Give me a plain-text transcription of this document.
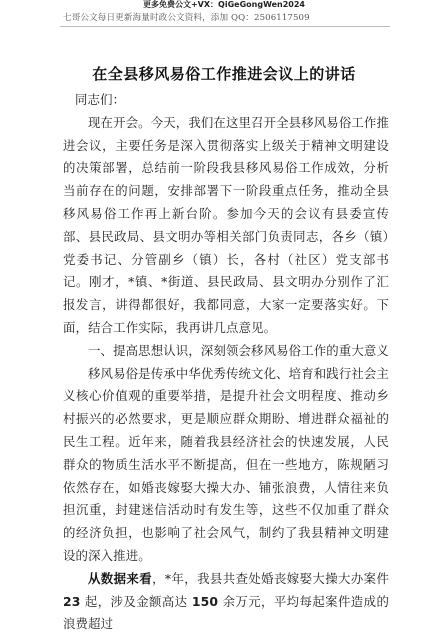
更多免费公文+VX：QiGeGongWen2024
七哥公文每日更新海量时政公文资料，添加 QQ：2506117509
在全县移风易俗工作推进会议上的讲话

同志们：

现在开会。今天，我们在这里召开全县移风易俗工作推进会议，主要任务是深入贯彻落实上级关于精神文明建设的决策部署，总结前一阶段我县移风易俗工作成效，分析当前存在的问题，安排部署下一阶段重点任务，推动全县移风易俗工作再上新台阶。参加今天的会议有县委宣传部、县民政局、县文明办等相关部门负责同志，各乡（镇）党委书记、分管副乡（镇）长，各村（社区）党支部书记。刚才，*镇、*街道、县民政局、县文明办分别作了汇报发言，讲得都很好，我都同意，大家一定要落实好。下面，结合工作实际，我再讲几点意见。

一、提高思想认识，深刻领会移风易俗工作的重大意义

移风易俗是传承中华优秀传统文化、培育和践行社会主义核心价值观的重要举措，是提升社会文明程度、推动乡村振兴的必然要求，更是顺应群众期盼、增进群众福祉的民生工程。近年来，随着我县经济社会的快速发展，人民群众的物质生活水平不断提高，但在一些地方，陈规陋习依然存在，如婚丧嫁娶大操大办、铺张浪费，人情往来负担沉重，封建迷信活动时有发生等，这些不仅加重了群众的经济负担，也影响了社会风气，制约了我县精神文明建设的深入推进。

从数据来看，*年，我县共查处婚丧嫁娶大操大办案件23 起，涉及金额高达 150 余万元，平均每起案件造成的浪费超过
